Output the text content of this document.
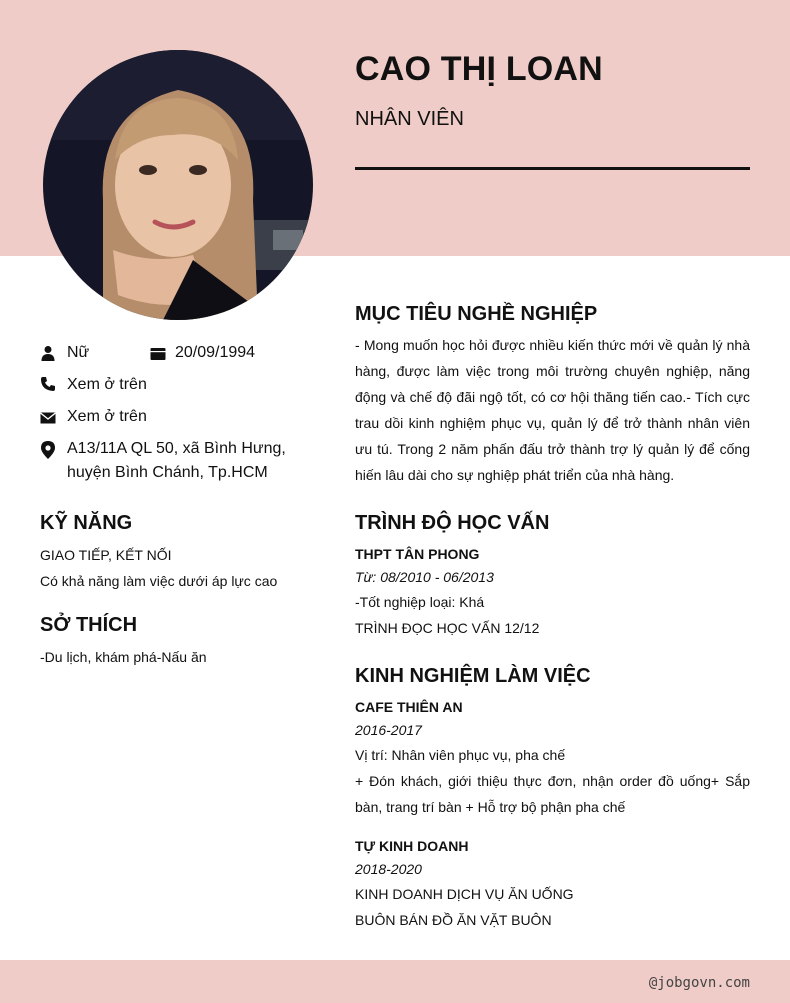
CAO THỊ LOAN
NHÂN VIÊN
Nữ	20/09/1994
Xem ở trên
Xem ở trên
A13/11A QL 50, xã Bình Hưng,
huyện Bình Chánh, Tp.HCM
KỸ NĂNG
GIAO TIẾP, KẾT NỐI
Có khả năng làm việc dưới áp lực cao
SỞ THÍCH
-Du lịch, khám phá-Nấu ăn
MỤC TIÊU NGHỀ NGHIỆP
- Mong muốn học hỏi được nhiều kiến thức mới về quản lý nhà hàng, được làm việc trong môi trường chuyên nghiệp, năng động và chế độ đãi ngộ tốt, có cơ hội thăng tiến cao.- Tích cực trau dồi kinh nghiệm phục vụ, quản lý để trở thành nhân viên ưu tú. Trong 2 năm phấn đấu trở thành trợ lý quản lý để cống hiến lâu dài cho sự nghiệp phát triển của nhà hàng.
TRÌNH ĐỘ HỌC VẤN
THPT TÂN PHONG
Từ: 08/2010 - 06/2013
-Tốt nghiệp loại: Khá
TRÌNH ĐỌC HỌC VẤN 12/12
KINH NGHIỆM LÀM VIỆC
CAFE THIÊN AN
2016-2017
Vị trí: Nhân viên phục vụ, pha chế
+ Đón khách, giới thiệu thực đơn, nhận order đồ uống+ Sắp bàn, trang trí bàn + Hỗ trợ bộ phận pha chế
TỰ KINH DOANH
2018-2020
KINH DOANH DỊCH VỤ ĂN UỐNG
BUÔN BÁN ĐỒ ĂN VẶT BUÔN
@jobgovn.com
